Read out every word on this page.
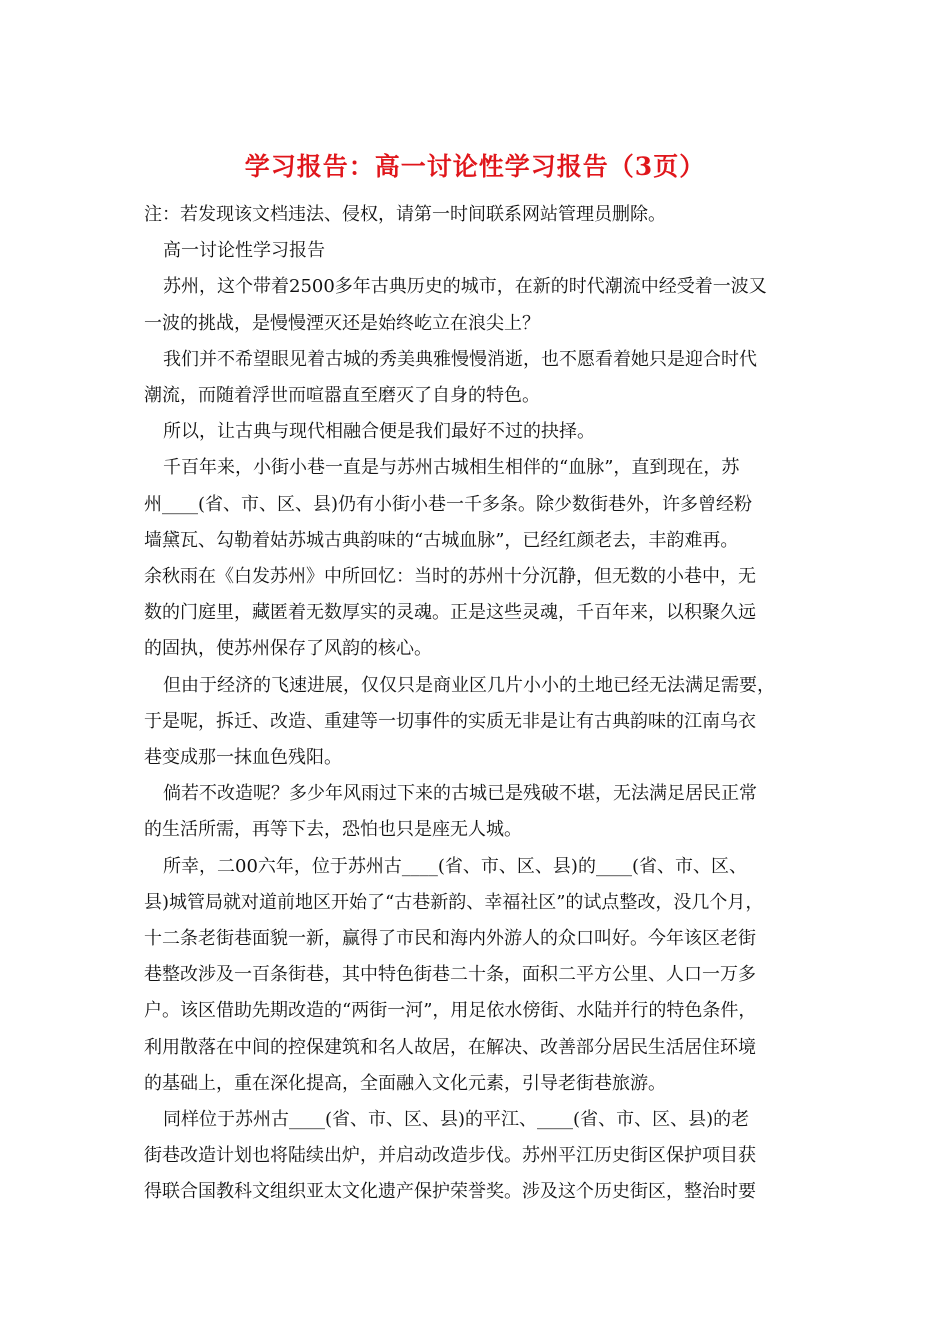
学习报告：高一讨论性学习报告（3页）
注：若发现该文档违法、侵权，请第一时间联系网站管理员删除。
高一讨论性学习报告
苏州，这个带着2500多年古典历史的城市，在新的时代潮流中经受着一波又
一波的挑战，是慢慢湮灭还是始终屹立在浪尖上？
我们并不希望眼见着古城的秀美典雅慢慢消逝，也不愿看着她只是迎合时代
潮流，而随着浮世而喧嚣直至磨灭了自身的特色。
所以，让古典与现代相融合便是我们最好不过的抉择。
千百年来，小街小巷一直是与苏州古城相生相伴的“血脉”，直到现在，苏
州____(省、市、区、县)仍有小街小巷一千多条。除少数街巷外，许多曾经粉
墙黛瓦、勾勒着姑苏城古典韵味的“古城血脉”，已经红颜老去，丰韵难再。
余秋雨在《白发苏州》中所回忆：当时的苏州十分沉静，但无数的小巷中，无
数的门庭里，藏匿着无数厚实的灵魂。正是这些灵魂，千百年来，以积聚久远
的固执，使苏州保存了风韵的核心。
但由于经济的飞速进展，仅仅只是商业区几片小小的土地已经无法满足需要，
于是呢，拆迁、改造、重建等一切事件的实质无非是让有古典韵味的江南乌衣
巷变成那一抹血色残阳。
倘若不改造呢？多少年风雨过下来的古城已是残破不堪，无法满足居民正常
的生活所需，再等下去，恐怕也只是座无人城。
所幸，二00六年，位于苏州古____(省、市、区、县)的____(省、市、区、
县)城管局就对道前地区开始了“古巷新韵、幸福社区”的试点整改，没几个月，
十二条老街巷面貌一新，赢得了市民和海内外游人的众口叫好。今年该区老街
巷整改涉及一百条街巷，其中特色街巷二十条，面积二平方公里、人口一万多
户。该区借助先期改造的“两街一河”，用足依水傍街、水陆并行的特色条件，
利用散落在中间的控保建筑和名人故居，在解决、改善部分居民生活居住环境
的基础上，重在深化提高，全面融入文化元素，引导老街巷旅游。
同样位于苏州古____(省、市、区、县)的平江、____(省、市、区、县)的老
街巷改造计划也将陆续出炉，并启动改造步伐。苏州平江历史街区保护项目获
得联合国教科文组织亚太文化遗产保护荣誉奖。涉及这个历史街区，整治时要
